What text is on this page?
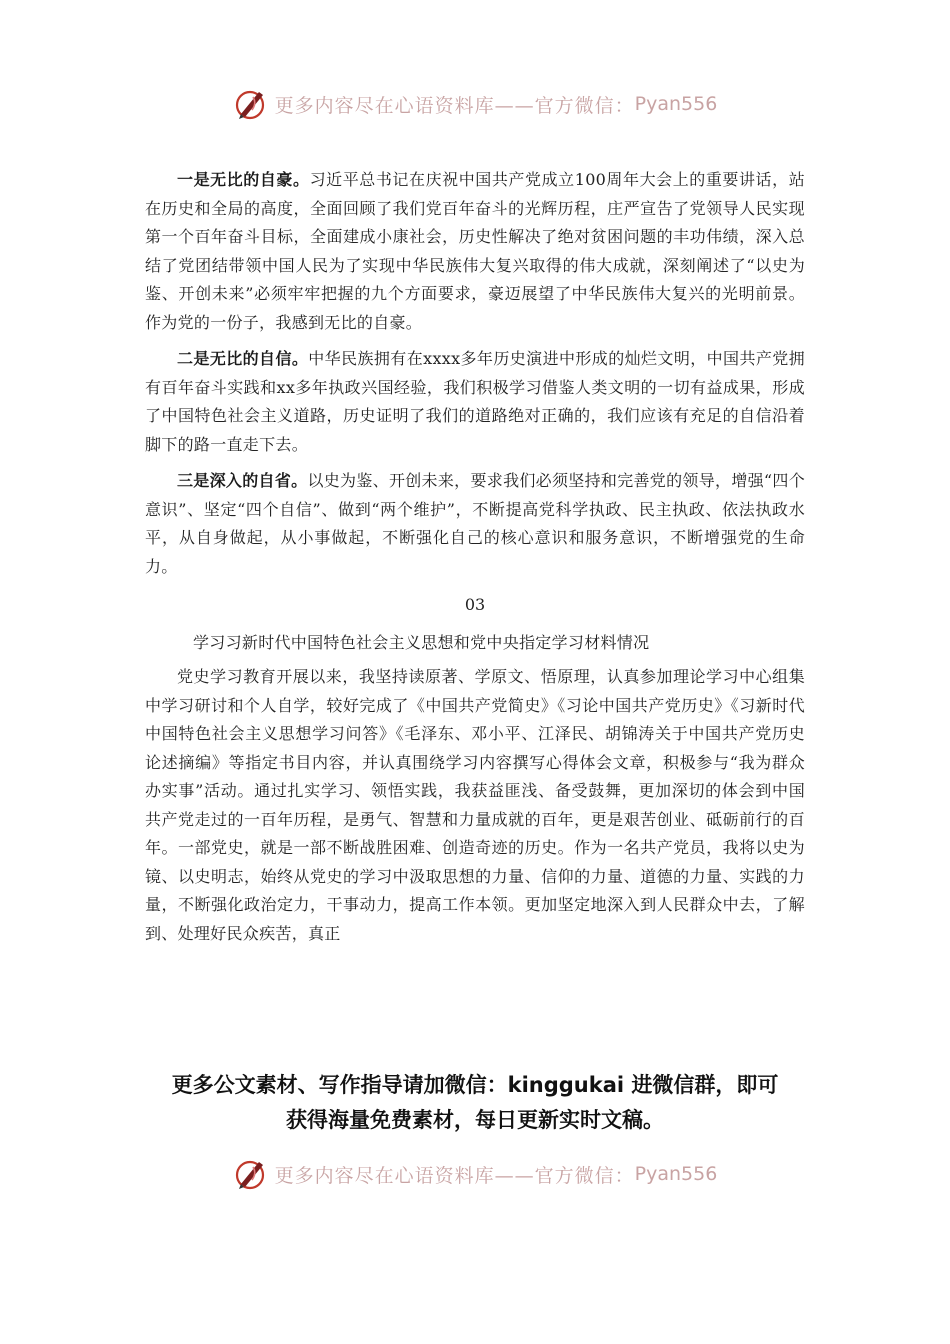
更多内容尽在心语资料库——官方微信： Pyan556

一是无比的自豪。习近平总书记在庆祝中国共产党成立100周年大会上的重要讲话，站在历史和全局的高度，全面回顾了我们党百年奋斗的光辉历程，庄严宣告了党领导人民实现第一个百年奋斗目标，全面建成小康社会，历史性解决了绝对贫困问题的丰功伟绩，深入总结了党团结带领中国人民为了实现中华民族伟大复兴取得的伟大成就，深刻阐述了“以史为鉴、开创未来”必须牢牢把握的九个方面要求，豪迈展望了中华民族伟大复兴的光明前景。作为党的一份子，我感到无比的自豪。

二是无比的自信。中华民族拥有在xxxx多年历史演进中形成的灿烂文明，中国共产党拥有百年奋斗实践和xx多年执政兴国经验，我们积极学习借鉴人类文明的一切有益成果，形成了中国特色社会主义道路，历史证明了我们的道路绝对正确的，我们应该有充足的自信沿着脚下的路一直走下去。

三是深入的自省。以史为鉴、开创未来，要求我们必须坚持和完善党的领导，增强“四个意识”、坚定“四个自信”、做到“两个维护”，不断提高党科学执政、民主执政、依法执政水平，从自身做起，从小事做起，不断强化自己的核心意识和服务意识，不断增强党的生命力。

03
学习习新时代中国特色社会主义思想和党中央指定学习材料情况

党史学习教育开展以来，我坚持读原著、学原文、悟原理，认真参加理论学习中心组集中学习研讨和个人自学，较好完成了《中国共产党简史》《习论中国共产党历史》《习新时代中国特色社会主义思想学习问答》《毛泽东、邓小平、江泽民、胡锦涛关于中国共产党历史论述摘编》等指定书目内容，并认真围绕学习内容撰写心得体会文章，积极参与“我为群众办实事”活动。通过扎实学习、领悟实践，我获益匪浅、备受鼓舞，更加深切的体会到中国共产党走过的一百年历程，是勇气、智慧和力量成就的百年，更是艰苦创业、砥砺前行的百年。一部党史，就是一部不断战胜困难、创造奇迹的历史。作为一名共产党员，我将以史为镜、以史明志，始终从党史的学习中汲取思想的力量、信仰的力量、道德的力量、实践的力量，不断强化政治定力，干事动力，提高工作本领。更加坚定地深入到人民群众中去，了解到、处理好民众疾苦，真正

更多公文素材、写作指导请加微信：kinggukai 进微信群，即可
获得海量免费素材，每日更新实时文稿。
更多内容尽在心语资料库——官方微信： Pyan556
